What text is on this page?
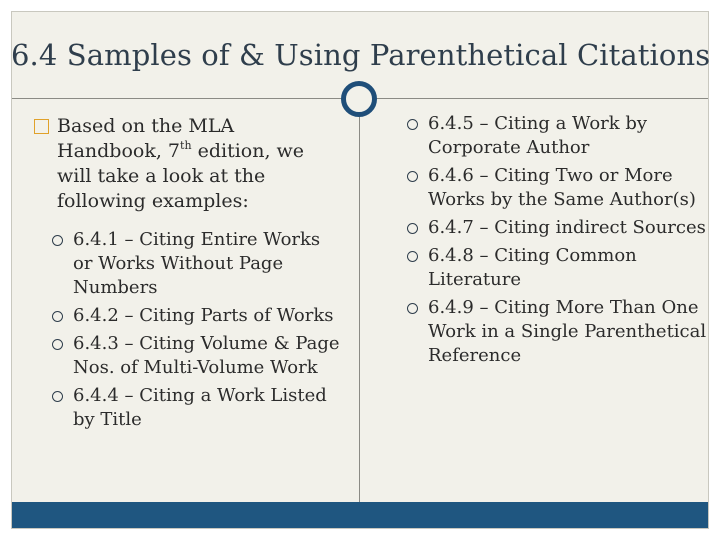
6.4 Samples of & Using Parenthetical Citations
Based on the MLA Handbook, 7th edition, we will take a look at the following examples:
6.4.1 – Citing Entire Works or Works Without Page Numbers
6.4.2 – Citing Parts of Works
6.4.3 – Citing Volume & Page Nos. of Multi-Volume Work
6.4.4 – Citing a Work Listed by Title
6.4.5 – Citing a Work by Corporate Author
6.4.6 – Citing Two or More Works by the Same Author(s)
6.4.7 – Citing indirect Sources
6.4.8 – Citing Common Literature
6.4.9 – Citing More Than One Work in a Single Parenthetical Reference
